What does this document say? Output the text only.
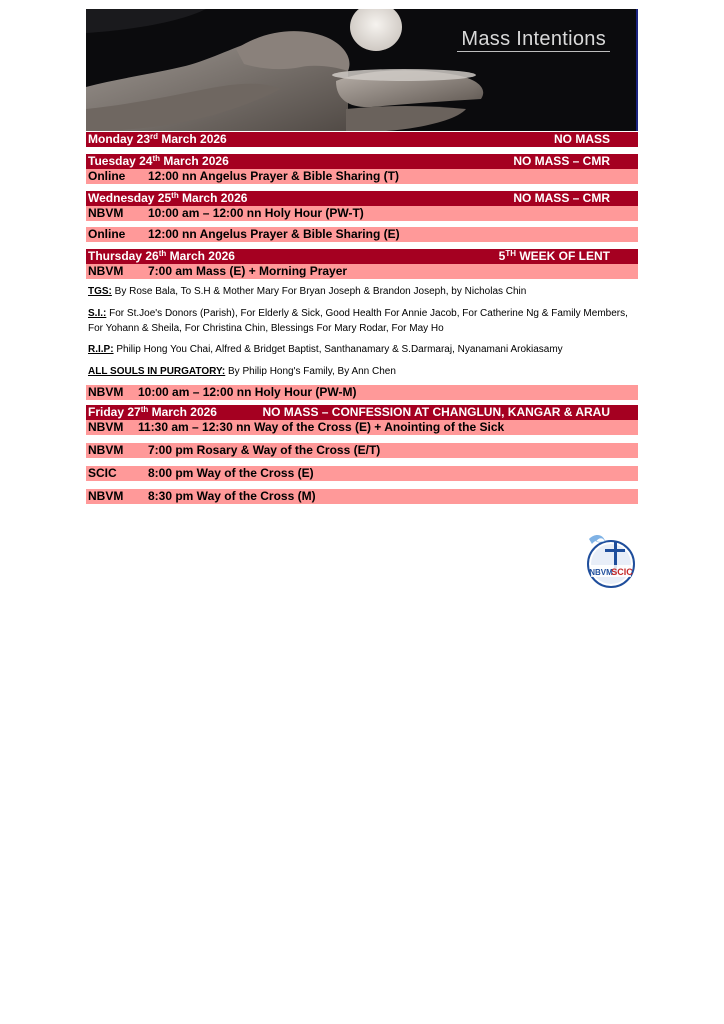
Mass Intentions
Monday 23rd March 2026	NO MASS
Tuesday 24th March 2026	NO MASS – CMR
Online 12:00 nn Angelus Prayer & Bible Sharing (T)
Wednesday 25th March 2026	NO MASS – CMR
NBVM 10:00 am – 12:00 nn Holy Hour (PW-T)
Online 12:00 nn Angelus Prayer & Bible Sharing (E)
Thursday 26th March 2026	5TH WEEK OF LENT
NBVM 7:00 am Mass (E) + Morning Prayer
TGS: By Rose Bala, To S.H & Mother Mary For Bryan Joseph & Brandon Joseph, by Nicholas Chin
S.I.: For St.Joe's Donors (Parish), For Elderly & Sick, Good Health For Annie Jacob, For Catherine Ng & Family Members, For Yohann & Sheila, For Christina Chin, Blessings For Mary Rodar, For May Ho
R.I.P: Philip Hong You Chai, Alfred & Bridget Baptist, Santhanamary & S.Darmaraj, Nyanamani Arokiasamy
ALL SOULS IN PURGATORY: By Philip Hong's Family, By Ann Chen
NBVM 10:00 am – 12:00 nn Holy Hour (PW-M)
Friday 27th March 2026	NO MASS – CONFESSION AT CHANGLUN, KANGAR & ARAU
NBVM 11:30 am – 12:30 nn Way of the Cross (E) + Anointing of the Sick
NBVM 7:00 pm Rosary & Way of the Cross (E/T)
SCIC	8:00 pm Way of the Cross (E)
NBVM 8:30 pm Way of the Cross (M)
NBVM
SCIC
